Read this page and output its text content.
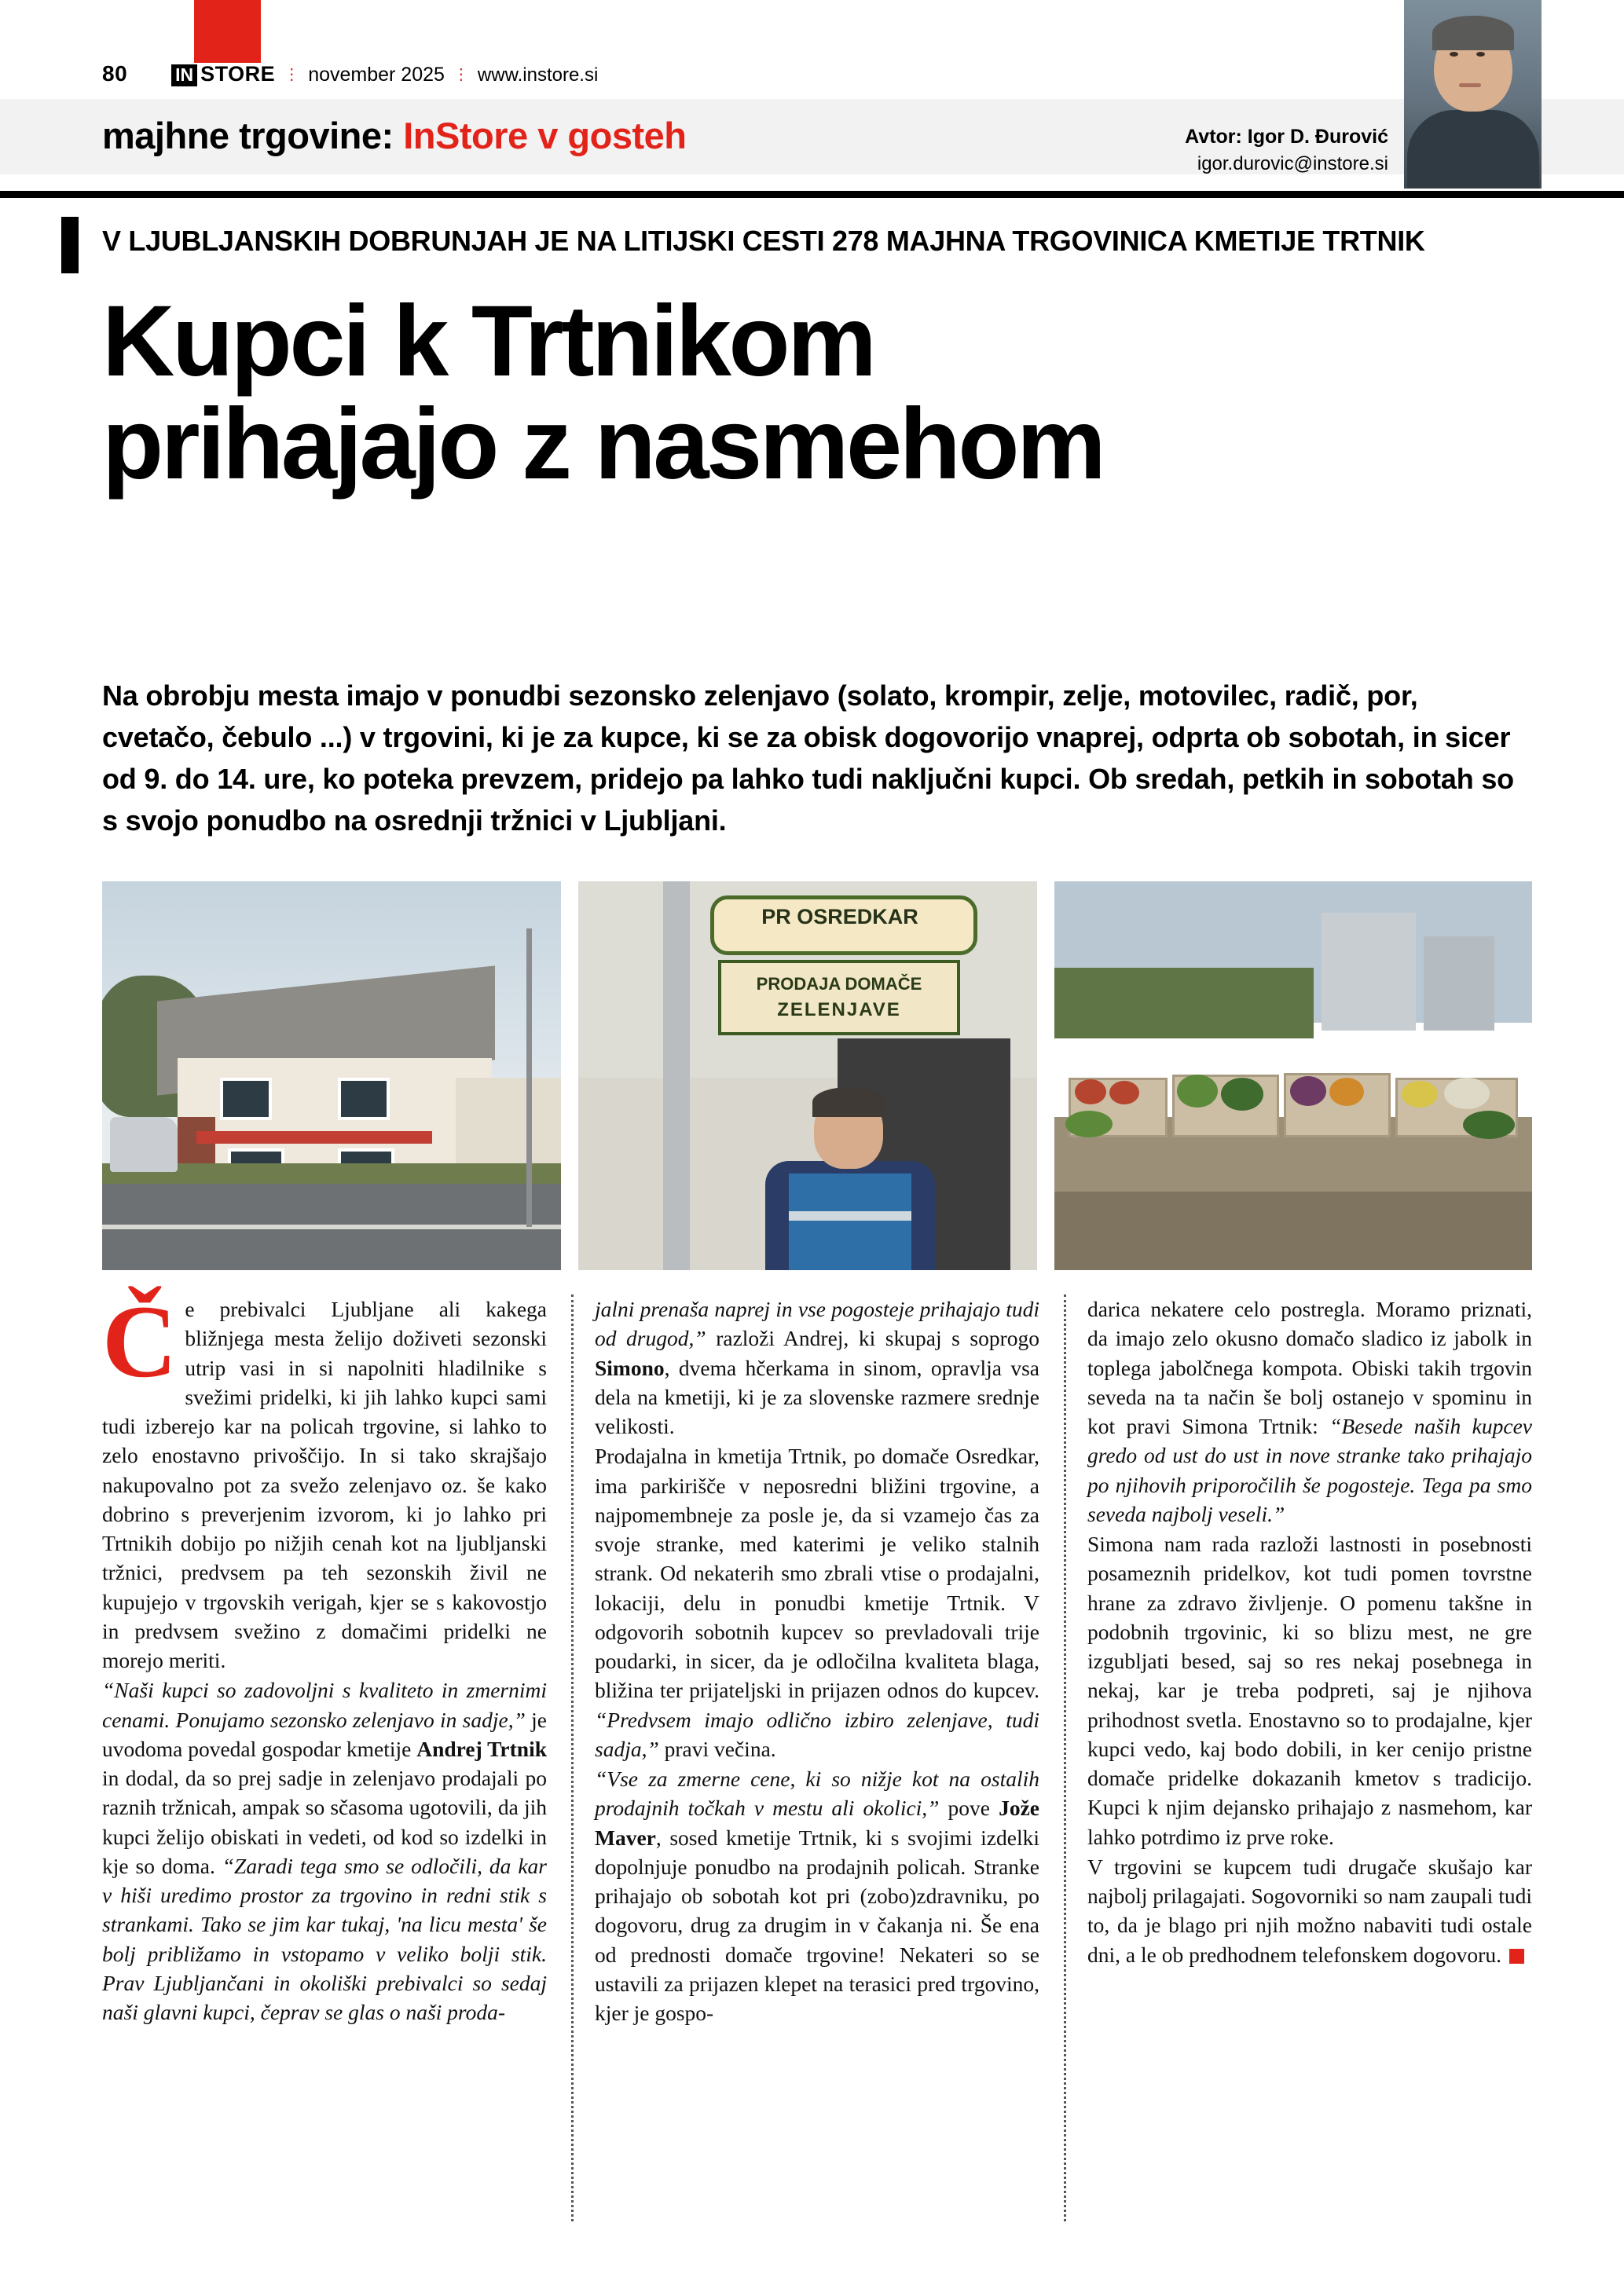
80	IN STORE ⋮ november 2025 ⋮ www.instore.si
majhne trgovine: InStore v gosteh	Avtor: Igor D. Ðurović
igor.durovic@instore.si
V LJUBLJANSKIH DOBRUNJAH JE NA LITIJSKI CESTI 278 MAJHNA TRGOVINICA KMETIJE TRTNIK
Kupci k Trtnikom
prihajajo z nasmehom
Na obrobju mesta imajo v ponudbi sezonsko zelenjavo (solato, krompir, zelje, motovilec, radič, por, cvetačo, čebulo ...) v trgovini, ki je za kupce, ki se za obisk dogovorijo vnaprej, odprta ob sobotah, in sicer od 9. do 14. ure, ko poteka prevzem, pridejo pa lahko tudi naključni kupci. Ob sredah, petkih in sobotah so s svojo ponudbo na osrednji tržnici v Ljubljani.
PR OSREDKAR
PRODAJA DOMAČE
ZELENJAVE

Če prebivalci Ljubljane ali kakega bližnjega mesta želijo doživeti sezonski utrip vasi in si napolniti hladilnike s svežimi pridelki, ki jih lahko kupci sami tudi izberejo kar na policah trgovine, si lahko to zelo enostavno privoščijo. In si tako skrajšajo nakupovalno pot za svežo zelenjavo oz. še kako dobrino s preverjenim izvorom, ki jo lahko pri Trtnikih dobijo po nižjih cenah kot na ljubljanski tržnici, predvsem pa teh sezonskih živil ne kupujejo v trgovskih verigah, kjer se s kakovostjo in predvsem svežino z domačimi pridelki ne morejo meriti.

“Naši kupci so zadovoljni s kvaliteto in zmernimi cenami. Ponujamo sezonsko zelenjavo in sadje,” je uvodoma povedal gospodar kmetije Andrej Trtnik in dodal, da so prej sadje in zelenjavo prodajali po raznih tržnicah, ampak so sčasoma ugotovili, da jih kupci želijo obiskati in vedeti, od kod so izdelki in kje so doma. “Zaradi tega smo se odločili, da kar v hiši uredimo prostor za trgovino in redni stik s strankami. Tako se jim kar tukaj, 'na licu mesta' še bolj približamo in vstopamo v veliko bolji stik. Prav Ljubljančani in okoliški prebivalci so sedaj naši glavni kupci, čeprav se glas o naši proda-

jalni prenaša naprej in vse pogosteje prihajajo tudi od drugod,” razloži Andrej, ki skupaj s soprogo Simono, dvema hčerkama in sinom, opravlja vsa dela na kmetiji, ki je za slovenske razmere srednje velikosti.

Prodajalna in kmetija Trtnik, po domače Osredkar, ima parkirišče v neposredni bližini trgovine, a najpomembneje za posle je, da si vzamejo čas za svoje stranke, med katerimi je veliko stalnih strank. Od nekaterih smo zbrali vtise o prodajalni, lokaciji, delu in ponudbi kmetije Trtnik. V odgovorih sobotnih kupcev so prevladovali trije poudarki, in sicer, da je odločilna kvaliteta blaga, bližina ter prijateljski in prijazen odnos do kupcev. “Predvsem imajo odlično izbiro zelenjave, tudi sadja,” pravi večina.

“Vse za zmerne cene, ki so nižje kot na ostalih prodajnih točkah v mestu ali okolici,” pove Jože Maver, sosed kmetije Trtnik, ki s svojimi izdelki dopolnjuje ponudbo na prodajnih policah. Stranke prihajajo ob sobotah kot pri (zobo)zdravniku, po dogovoru, drug za drugim in v čakanja ni. Še ena od prednosti domače trgovine! Nekateri so se ustavili za prijazen klepet na terasici pred trgovino, kjer je gospo-

darica nekatere celo postregla. Moramo priznati, da imajo zelo okusno domačo sladico iz jabolk in toplega jabolčnega kompota. Obiski takih trgovin seveda na ta način še bolj ostanejo v spominu in kot pravi Simona Trtnik: “Besede naših kupcev gredo od ust do ust in nove stranke tako prihajajo po njihovih priporočilih še pogosteje. Tega pa smo seveda najbolj veseli.”

Simona nam rada razloži lastnosti in posebnosti posameznih pridelkov, kot tudi pomen tovrstne hrane za zdravo življenje. O pomenu takšne in podobnih trgovinic, ki so blizu mest, ne gre izgubljati besed, saj so res nekaj posebnega in nekaj, kar je treba podpreti, saj je njihova prihodnost svetla. Enostavno so to prodajalne, kjer kupci vedo, kaj bodo dobili, in ker cenijo pristne domače pridelke dokazanih kmetov s tradicijo. Kupci k njim dejansko prihajajo z nasmehom, kar lahko potrdimo iz prve roke.

V trgovini se kupcem tudi drugače skušajo kar najbolj prilagajati. Sogovorniki so nam zaupali tudi to, da je blago pri njih možno nabaviti tudi ostale dni, a le ob predhodnem telefonskem dogovoru.
